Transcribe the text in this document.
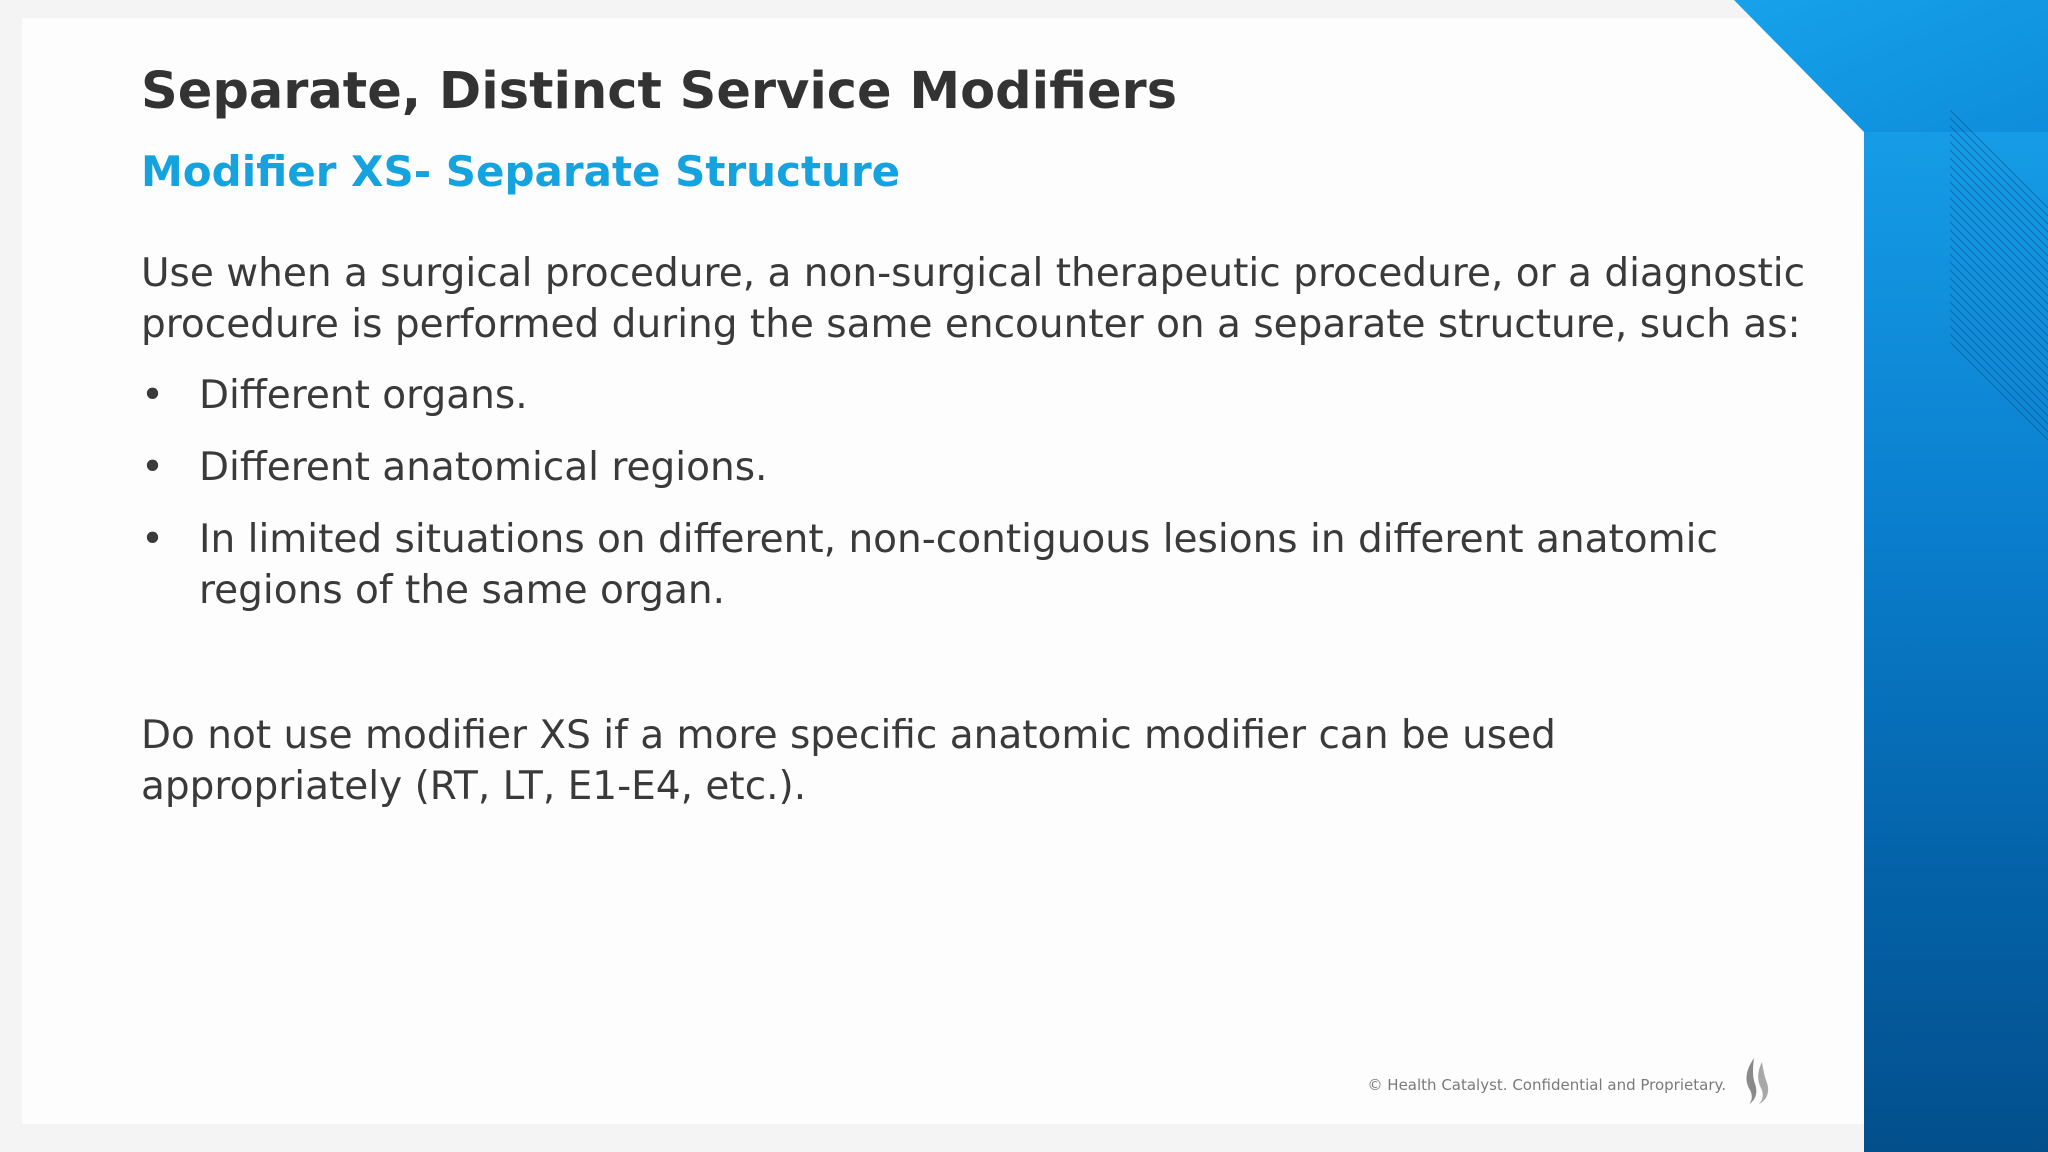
Separate, Distinct Service Modifiers
Modifier XS- Separate Structure

Use when a surgical procedure, a non-surgical therapeutic procedure, or a diagnostic procedure is performed during the same encounter on a separate structure, such as:

• Different organs.
• Different anatomical regions.
• In limited situations on different, non-contiguous lesions in different anatomic regions of the same organ.

Do not use modifier XS if a more specific anatomic modifier can be used appropriately (RT, LT, E1-E4, etc.).

© Health Catalyst. Confidential and Proprietary.
